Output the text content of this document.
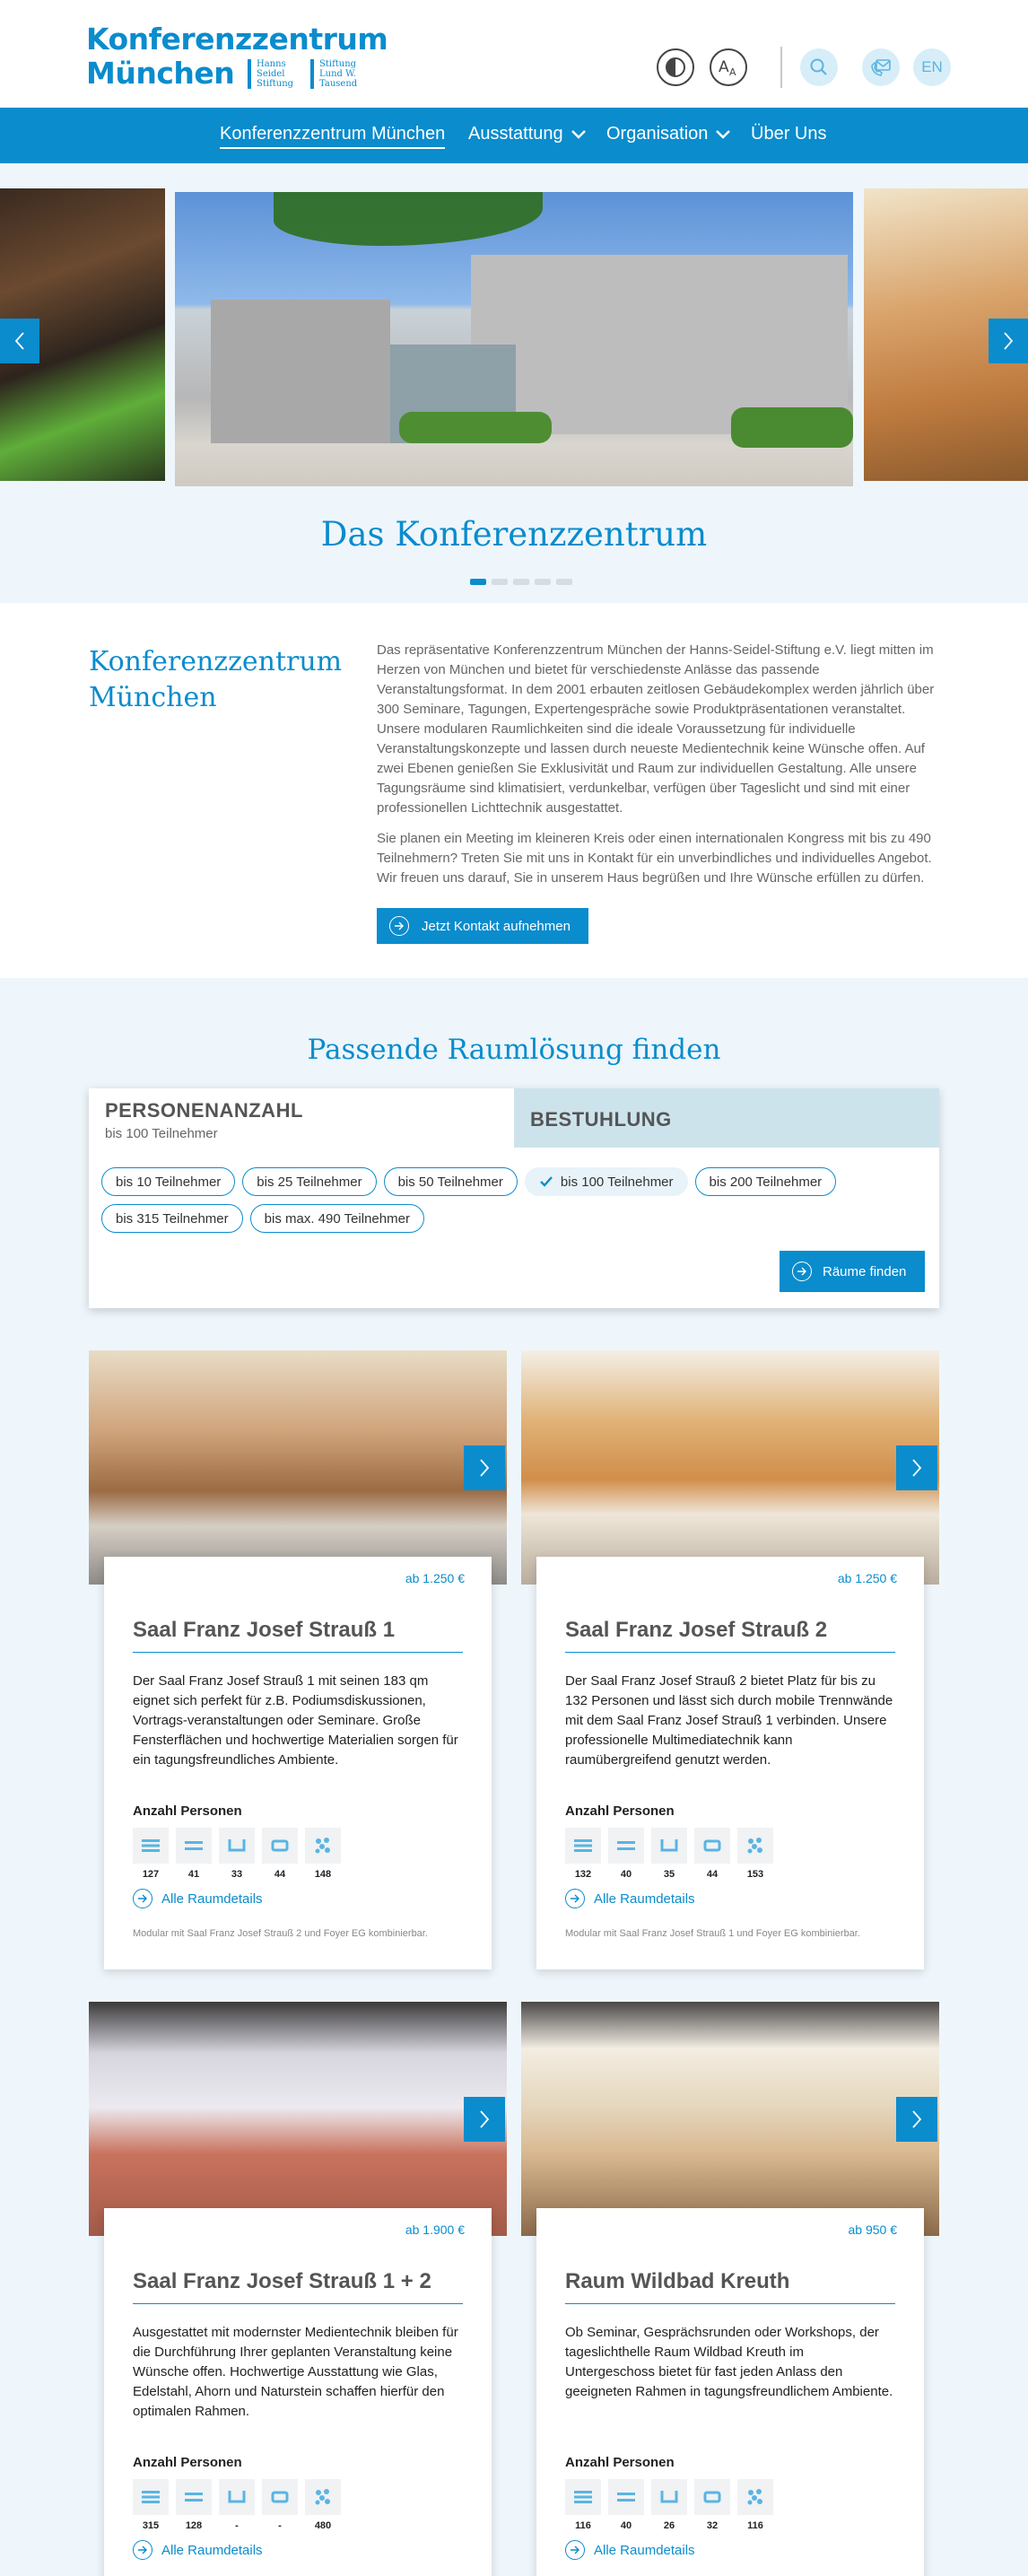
Konferenzzentrum
München	Hanns Seidel Stiftung
Stiftung Lund W. Tausend
A A	EN
Konferenzzentrum München Ausstattung Organisation Über Uns
Das Konferenzzentrum
Konferenzzentrum München

Das repräsentative Konferenzzentrum München der Hanns-Seidel-Stiftung e.V. liegt mitten im Herzen von München und bietet für verschiedenste Anlässe das passende Veranstaltungsformat. In dem 2001 erbauten zeitlosen Gebäudekomplex werden jährlich über 300 Seminare, Tagungen, Expertengespräche sowie Produktpräsentationen veranstaltet. Unsere modularen Raumlichkeiten sind die ideale Voraussetzung für individuelle Veranstaltungskonzepte und lassen durch neueste Medientechnik keine Wünsche offen. Auf zwei Ebenen genießen Sie Exklusivität und Raum zur individuellen Gestaltung. Alle unsere Tagungsräume sind klimatisiert, verdunkelbar, verfügen über Tageslicht und sind mit einer professionellen Lichttechnik ausgestattet.

Sie planen ein Meeting im kleineren Kreis oder einen internationalen Kongress mit bis zu 490 Teilnehmern? Treten Sie mit uns in Kontakt für ein unverbindliches und individuelles Angebot. Wir freuen uns darauf, Sie in unserem Haus begrüßen und Ihre Wünsche erfüllen zu dürfen.

Jetzt Kontakt aufnehmen
Passende Raumlösung finden
PERSONENANZAHL
bis 100 Teilnehmer
BESTUHLUNG
bis 10 Teilnehmer	bis 25 Teilnehmer	bis 50 Teilnehmer	bis 100 Teilnehmer	bis 200 Teilnehmer
bis 315 Teilnehmer	bis max. 490 Teilnehmer
Räume finden
ab 1.250 €
Saal Franz Josef Strauß 1
Der Saal Franz Josef Strauß 1 mit seinen 183 qm eignet sich perfekt für z.B. Podiumsdiskussionen, Vortrags-veranstaltungen oder Seminare. Große Fensterflächen und hochwertige Materialien sorgen für ein tagungsfreundliches Ambiente.
Anzahl Personen
127	41	33	44	148
Alle Raumdetails
Modular mit Saal Franz Josef Strauß 2 und Foyer EG kombinierbar.
ab 1.250 €
Saal Franz Josef Strauß 2
Der Saal Franz Josef Strauß 2 bietet Platz für bis zu 132 Personen und lässt sich durch mobile Trennwände mit dem Saal Franz Josef Strauß 1 verbinden. Unsere professionelle Multimediatechnik kann raumübergreifend genutzt werden.
Anzahl Personen
132	40	35	44	153
Alle Raumdetails
Modular mit Saal Franz Josef Strauß 1 und Foyer EG kombinierbar.
ab 1.900 €
Saal Franz Josef Strauß 1 + 2
Ausgestattet mit modernster Medientechnik bleiben für die Durchführung Ihrer geplanten Veranstaltung keine Wünsche offen. Hochwertige Ausstattung wie Glas, Edelstahl, Ahorn und Naturstein schaffen hierfür den optimalen Rahmen.
Anzahl Personen
315	128	-	-	480
Alle Raumdetails
ab 950 €
Raum Wildbad Kreuth
Ob Seminar, Gesprächsrunden oder Workshops, der tageslichthelle Raum Wildbad Kreuth im Untergeschoss bietet für fast jeden Anlass den geeigneten Rahmen in tagungsfreundlichem Ambiente.
Anzahl Personen
116	40	26	32	116
Alle Raumdetails
